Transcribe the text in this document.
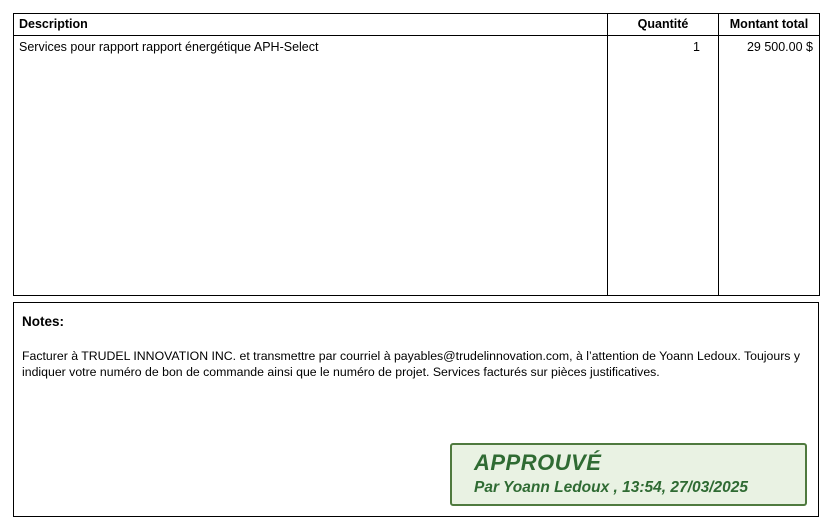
Description	Quantité	Montant total

Services pour rapport rapport énergétique APH-Select	1	29 500.00 $
Notes:
Facturer à TRUDEL INNOVATION INC. et transmettre par courriel à payables@trudelinnovation.com, à l’attention de Yoann Ledoux. Toujours y indiquer votre numéro de bon de commande ainsi que le numéro de projet. Services facturés sur pièces justificatives.
APPROUVÉ
Par Yoann Ledoux , 13:54, 27/03/2025
